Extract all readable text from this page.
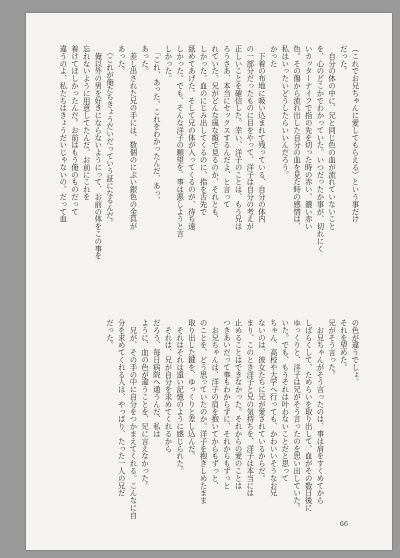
（これでお兄ちゃんに愛してもらえる）という事だけ
だった。
　自分の体の中に、兄と同じ色の血が流れていないこと
を、心のどこかでわかっていた。いつだったか事が、切れにく
いカッターナイフで指の先を切った時の赤い、濃い赤い
色。その傷から流れ出した自分の血を見た時の感情は、
私はいったいどうしたらいいんだろう。
かった
　下着の布地に吸い込まれて残っている、自分の体内
の一部分だったものに目をやって、洋子は自分の考えが
正しいことを確信した。幸い、洋子のことは、もう兄は
ろうさあ、本当にセックスするんだよ、と言って
れていた、兄がどんな風な顔で見るのか、それとも、
しかった。血のにじみ出してくるのに、指を舌先で
舐めてあげた。そして兄の体が入ってくるのが、待ち遠
しかった。でも、そんな洋子の願望を、事は悪しようと言
しかった。
　「これ、あった、これをわかったんだ、あっ、
あった。
　差し出された兄の手には、数個のにぶい銀色の金具が
あった。
　（これが俺たちきょうだいだっていう証になるんだ。
　俺以外の男を好きにならないようにって、お前の体をこの事を
忘れないように用意してたんだ。お前にこれを
着けてほしかったんだ。お前はもう俺のものだって
違うのよ、私たちはきょうだいじゃないの。だって血
の色が違うでしょ。
それを望めた。
兄がそう言った。
　お兄ちゃんがそう言ったのは、事は肩をすくめてから
しばらくして、ためらいを取り出して、血がその数日後に
ゆっくりと、洋子は兄がそう言ったのを思い出していた。
いた。でも、もうそれは叶わないことだと思って
ちゃん、高校や大学へ行っても、かわいいそうなお兄
ないのは、彼女たちに兄が愛されているからだ。
まり、このとき洋子と兄の気持ちを、洋子は本当には
止めることはできなかった。それからの愛のことは
つきあいだって事もわからずに、それからもずっと
　お兄ちゃんは、洋子の肩を抱いてからもずっと、
のことを、どう思っていたのか。洋子を抱きしめたまま
取り出した鍵を、ゆっくりと差し込んだ。
　それはそれは遠い記憶のように感じられた。
　それは、兄が自分を求めてくれるから
だろう、毎日病院へ通うんだ、私は
ように、血の色が違うことを、兄に言えなかった。
　兄が、その手の中に自分をつかまえてくれる。こんなに自
分を求めてくれる人は、やっぱり、たった一人の兄だ
だった。
66
